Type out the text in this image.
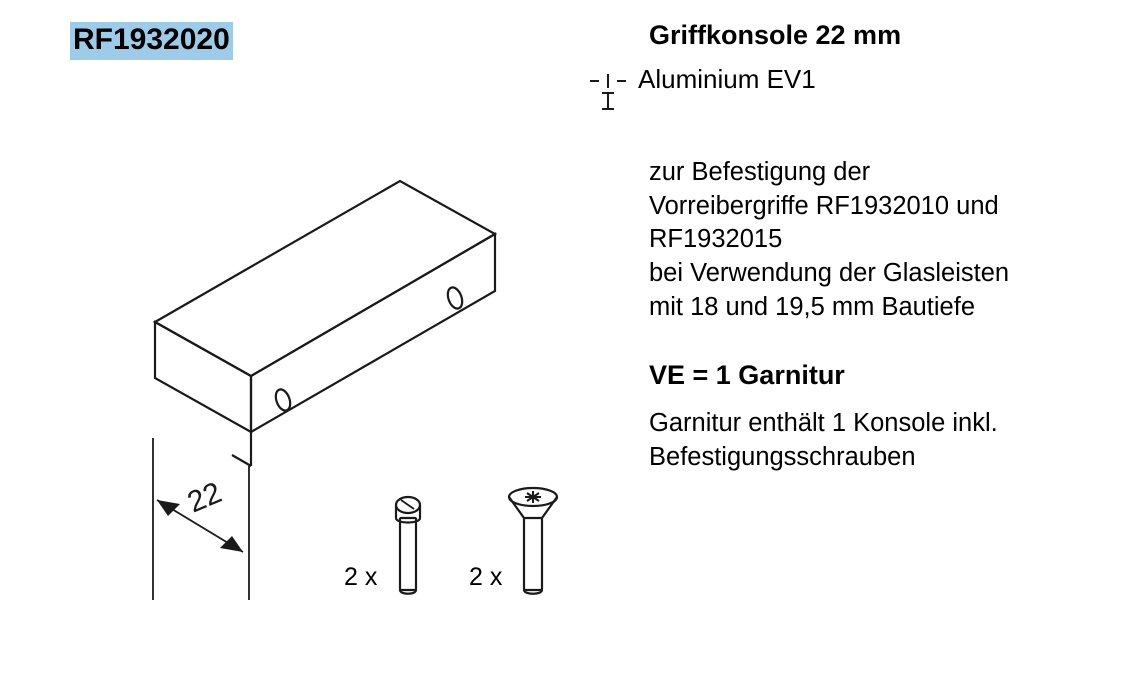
RF1932020
22
2 x	2 x
Griffkonsole 22 mm
Aluminium EV1
zur Befestigung der
Vorreibergriffe RF1932010 und
RF1932015
bei Verwendung der Glasleisten
mit 18 und 19,5 mm Bautiefe
VE = 1 Garnitur
Garnitur enthält 1 Konsole inkl.
Befestigungsschrauben
